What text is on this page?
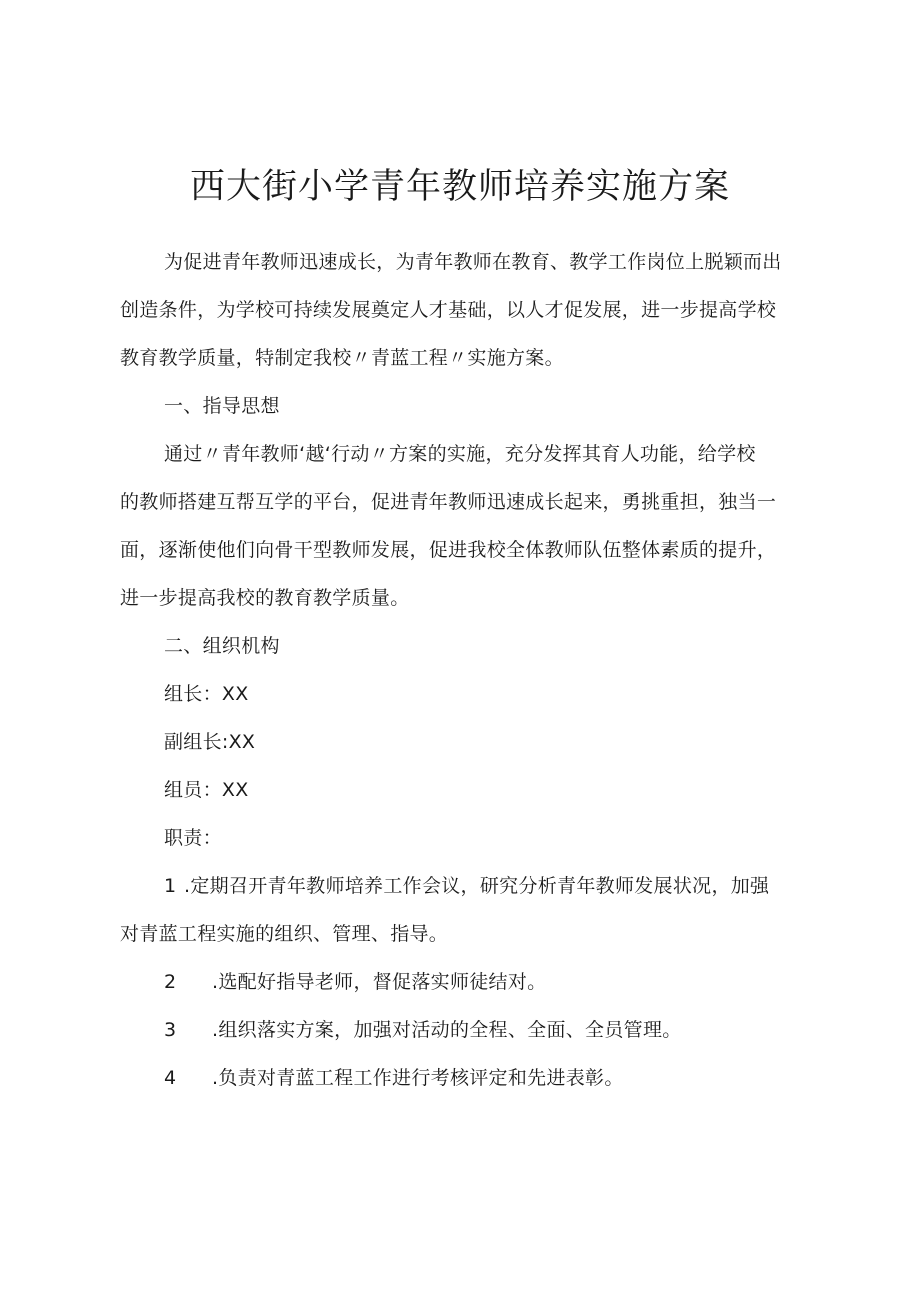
西大街小学青年教师培养实施方案

为促进青年教师迅速成长，为青年教师在教育、教学工作岗位上脱颖而出

创造条件，为学校可持续发展奠定人才基础，以人才促发展，进一步提高学校

教育教学质量，特制定我校〃青蓝工程〃实施方案。

一、指导思想

通过〃青年教师‘越‘行动〃方案的实施，充分发挥其育人功能，给学校

的教师搭建互帮互学的平台，促进青年教师迅速成长起来，勇挑重担，独当一

面，逐渐使他们向骨干型教师发展，促进我校全体教师队伍整体素质的提升，

进一步提高我校的教育教学质量。

二、组织机构

组长：XX

副组长:XX

组员：XX

职责：

1 .定期召开青年教师培养工作会议，研究分析青年教师发展状况，加强

对青蓝工程实施的组织、管理、指导。

2 .选配好指导老师，督促落实师徒结对。
3 .组织落实方案，加强对活动的全程、全面、全员管理。
4 .负责对青蓝工程工作进行考核评定和先进表彰。
